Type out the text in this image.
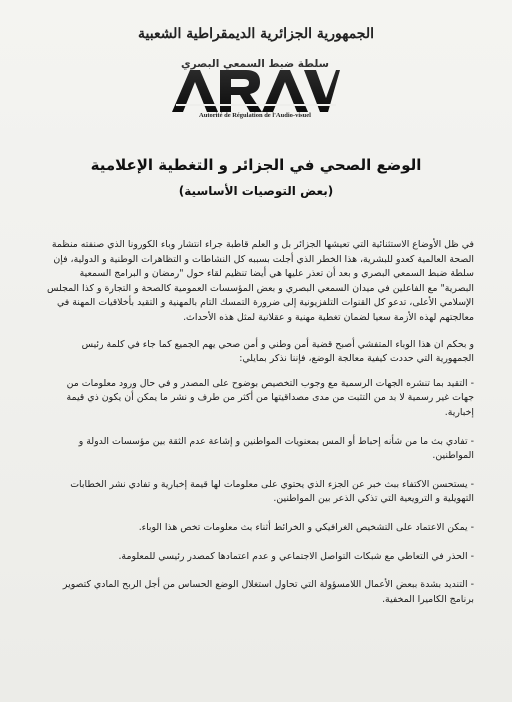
الجمهورية الجزائرية الديمقراطية الشعبية
سلطة ضبط السمعي البصري
Autorité de Régulation de l'Audio-visuel
الوضع الصحي في الجزائر و التغطية الإعلامية
(بعض التوصيات الأساسية)

في ظل الأوضاع الاستثنائية التي تعيشها الجزائر بل و العلم قاطبة جراء انتشار وباء الكورونا الذي صنفته منظمة الصحة العالمية كعدو للبشرية، هذا الخطر الذي أجلت بسببه كل النشاطات و التظاهرات الوطنية و الدولية، فإن سلطة ضبط السمعي البصري و بعد أن تعذر عليها هي أيضا تنظيم لقاء حول "رمضان و البرامج السمعية البصرية" مع الفاعلين في ميدان السمعي البصري و بعض المؤسسات العمومية كالصحة و التجارة و كذا المجلس الإسلامي الأعلى، تدعو كل القنوات التلفزيونية إلى ضرورة التمسك التام بالمهنية و التقيد بأخلاقيات المهنة في معالجتهم لهذه الأزمة سعيا لضمان تغطية مهنية و عقلانية لمثل هذه الأحداث.

و بحكم ان هذا الوباء المتفشي أصبح قضية أمن وطني و أمن صحي يهم الجميع كما جاء في كلمة رئيس الجمهورية التي حددت كيفية معالجة الوضع، فإننا نذكر بمايلي:

- التقيد بما تنشره الجهات الرسمية مع وجوب التخصيص بوضوح على المصدر و في حال ورود معلومات من جهات غير رسمية لا بد من التثبت من مدى مصداقيتها من أكثر من طرف و نشر ما يمكن أن يكون ذي قيمة إخبارية.

- تفادي بث ما من شأنه إحباط أو المس بمعنويات المواطنين و إشاعة عدم الثقة بين مؤسسات الدولة و المواطنين.

- يستحسن الاكتفاء ببث خبر عن الجزء الذي يحتوي على معلومات لها قيمة إخبارية و تفادي نشر الخطابات التهويلية و الترويعية التي تذكي الذعر بين المواطنين.

- يمكن الاعتماد على التشخيص الغرافيكي و الخرائط أثناء بث معلومات تخص هذا الوباء.

- الحذر في التعاطي مع شبكات التواصل الاجتماعي و عدم اعتمادها كمصدر رئيسي للمعلومة.

- التنديد بشدة ببعض الأعمال اللامسؤولة التي تحاول استغلال الوضع الحساس من أجل الربح المادي كتصوير برنامج الكاميرا المخفية.
